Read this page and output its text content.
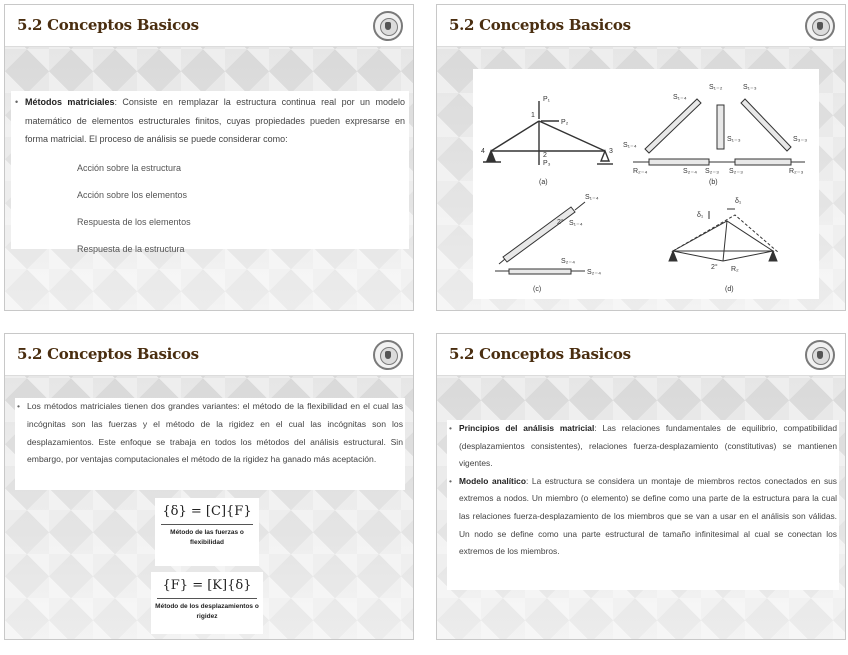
5.2 Conceptos Basicos

• Métodos matriciales: Consiste en remplazar la estructura continua real por un modelo matemático de elementos estructurales finitos, cuyas propiedades pueden expresarse en forma matricial. El proceso de análisis se puede considerar como:

Acción sobre la estructura
Acción sobre los elementos
Respuesta de los elementos
Respuesta de la estructura
5.2 Conceptos Basicos
P₁
P₂
P₃
1
2
3
4
(a)
S₁₋₂
S₁₋₄
S₁₋₃
S₃₋₃
S₁₋₄
S₁₋₃
S₂₋₃
R₂₋₄	S₂₋₄	S₂₋₃	R₂₋₃
(b)
S₁₋₄
2° S₁₋₄
S₂₋₄
S₂₋₄
(c)
δ₁
δ₁
2° R₂
(d)
5.2 Conceptos Basicos

• Los métodos matriciales tienen dos grandes variantes: el método de la flexibilidad en el cual las incógnitas son las fuerzas y el método de la rigidez en el cual las incógnitas son los desplazamientos. Este enfoque se trabaja en todos los métodos del análisis estructural. Sin embargo, por ventajas computacionales el método de la rigidez ha ganado más aceptación.

{δ} = [C]{F}
Método de las fuerzas o flexibilidad
{F} = [K]{δ}
Método de los desplazamientos o rigidez
5.2 Conceptos Basicos

• Principios del análisis matricial: Las relaciones fundamentales de equilibrio, compatibilidad (desplazamientos consistentes), relaciones fuerza-desplazamiento (constitutivas) se mantienen vigentes.

• Modelo analítico: La estructura se considera un montaje de miembros rectos conectados en sus extremos a nodos. Un miembro (o elemento) se define como una parte de la estructura para la cual las relaciones fuerza-desplazamiento de los miembros que se van a usar en el análisis son válidas. Un nodo se define como una parte estructural de tamaño infinitesimal al cual se conectan los extremos de los miembros.
